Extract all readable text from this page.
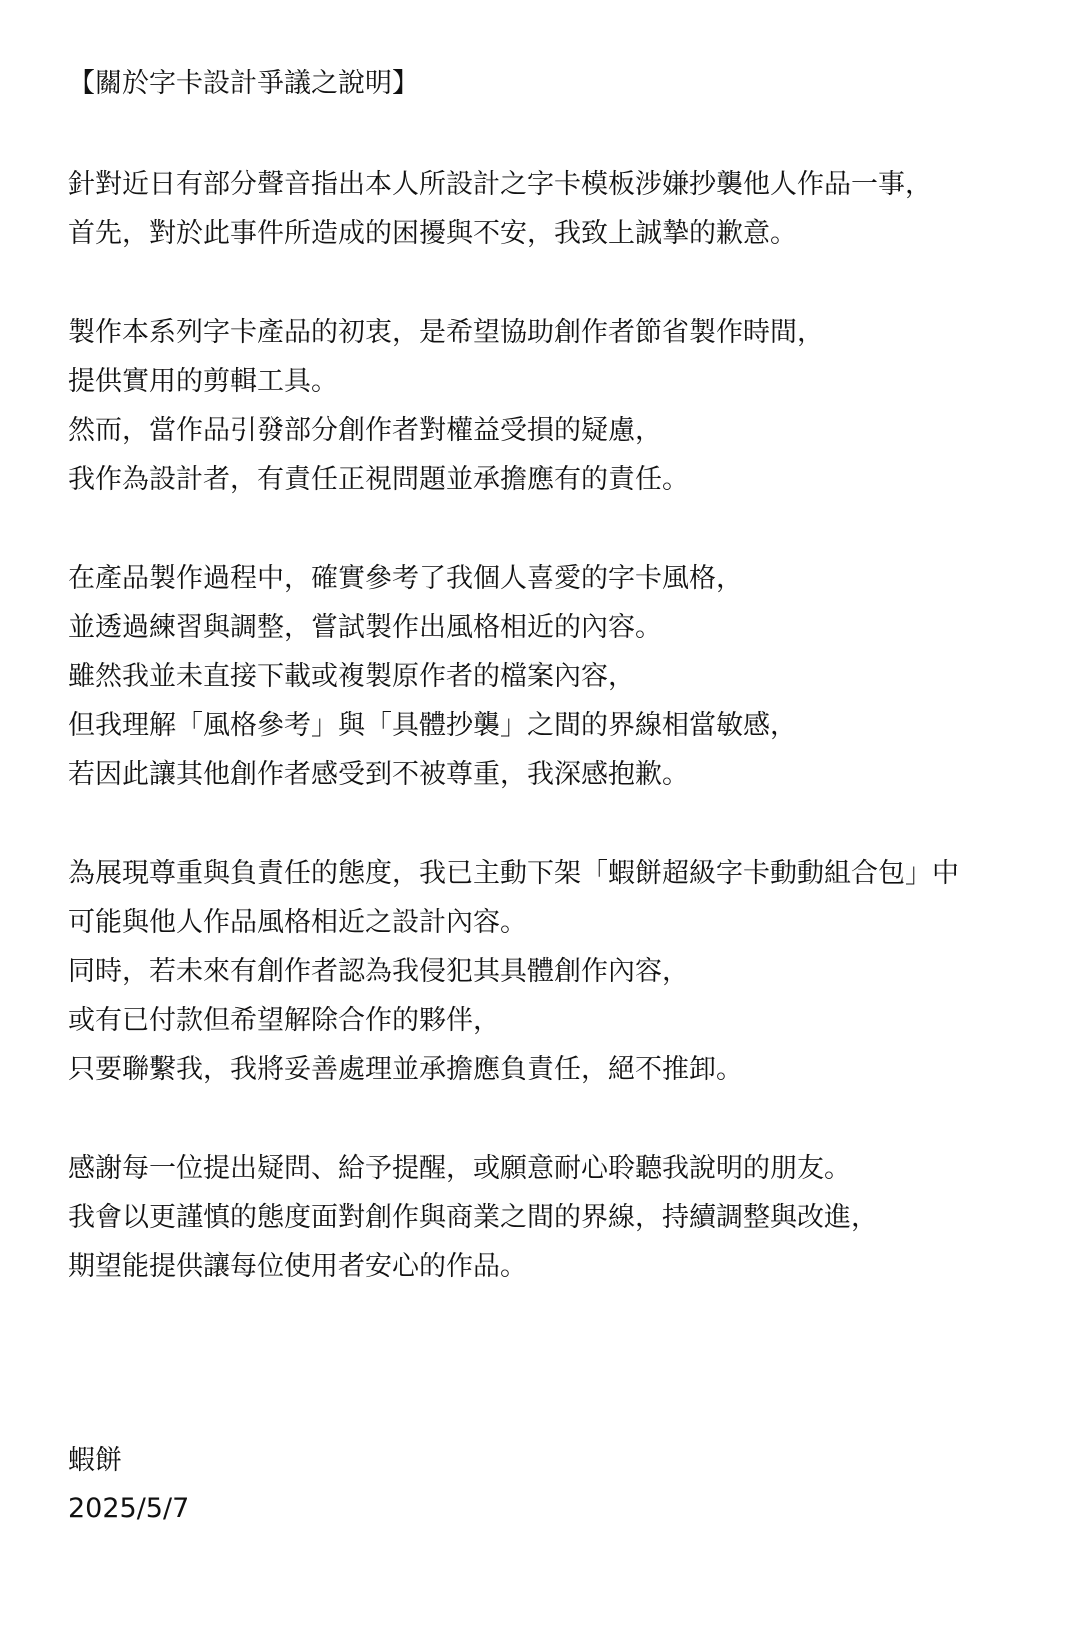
【關於字卡設計爭議之說明】
針對近日有部分聲音指出本人所設計之字卡模板涉嫌抄襲他人作品一事，
首先，對於此事件所造成的困擾與不安，我致上誠摯的歉意。
製作本系列字卡產品的初衷，是希望協助創作者節省製作時間，
提供實用的剪輯工具。
然而，當作品引發部分創作者對權益受損的疑慮，
我作為設計者，有責任正視問題並承擔應有的責任。
在產品製作過程中，確實參考了我個人喜愛的字卡風格，
並透過練習與調整，嘗試製作出風格相近的內容。
雖然我並未直接下載或複製原作者的檔案內容，
但我理解「風格參考」與「具體抄襲」之間的界線相當敏感，
若因此讓其他創作者感受到不被尊重，我深感抱歉。
為展現尊重與負責任的態度，我已主動下架「蝦餅超級字卡動動組合包」中
可能與他人作品風格相近之設計內容。
同時，若未來有創作者認為我侵犯其具體創作內容，
或有已付款但希望解除合作的夥伴，
只要聯繫我，我將妥善處理並承擔應負責任，絕不推卸。
感謝每一位提出疑問、給予提醒，或願意耐心聆聽我說明的朋友。
我會以更謹慎的態度面對創作與商業之間的界線，持續調整與改進，
期望能提供讓每位使用者安心的作品。
蝦餅
2025/5/7
